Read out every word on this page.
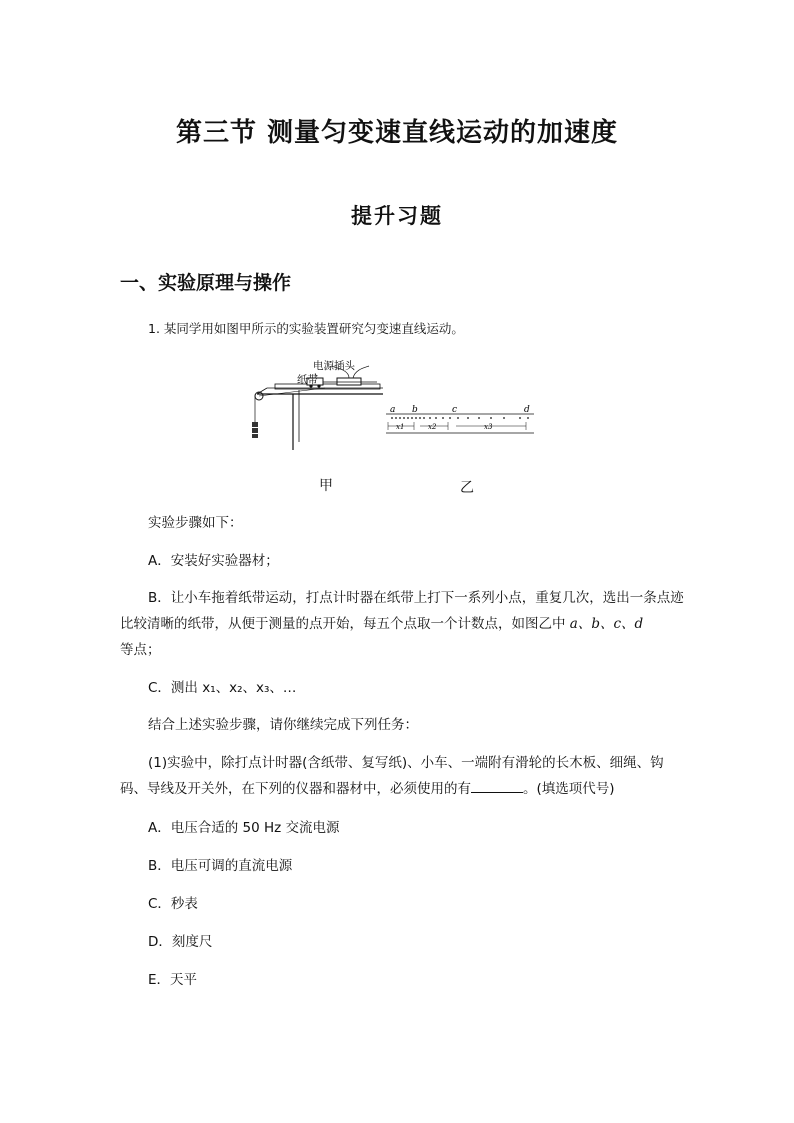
第三节 测量匀变速直线运动的加速度
提升习题
一、实验原理与操作

1. 某同学用如图甲所示的实验装置研究匀变速直线运动。

电源插头
纸带
a b	c	d
x1	x2	x3
甲	乙

实验步骤如下：

A．安装好实验器材；

B．让小车拖着纸带运动，打点计时器在纸带上打下一系列小点，重复几次，选出一条点迹比较清晰的纸带，从便于测量的点开始，每五个点取一个计数点，如图乙中 a、b、c、d
等点；

C．测出 x₁、x₂、x₃、…

结合上述实验步骤，请你继续完成下列任务：

(1)实验中，除打点计时器(含纸带、复写纸)、小车、一端附有滑轮的长木板、细绳、钩码、导线及开关外，在下列的仪器和器材中，必须使用的有	。(填选项代号)

A．电压合适的 50 Hz 交流电源

B．电压可调的直流电源

C．秒表

D．刻度尺

E．天平
